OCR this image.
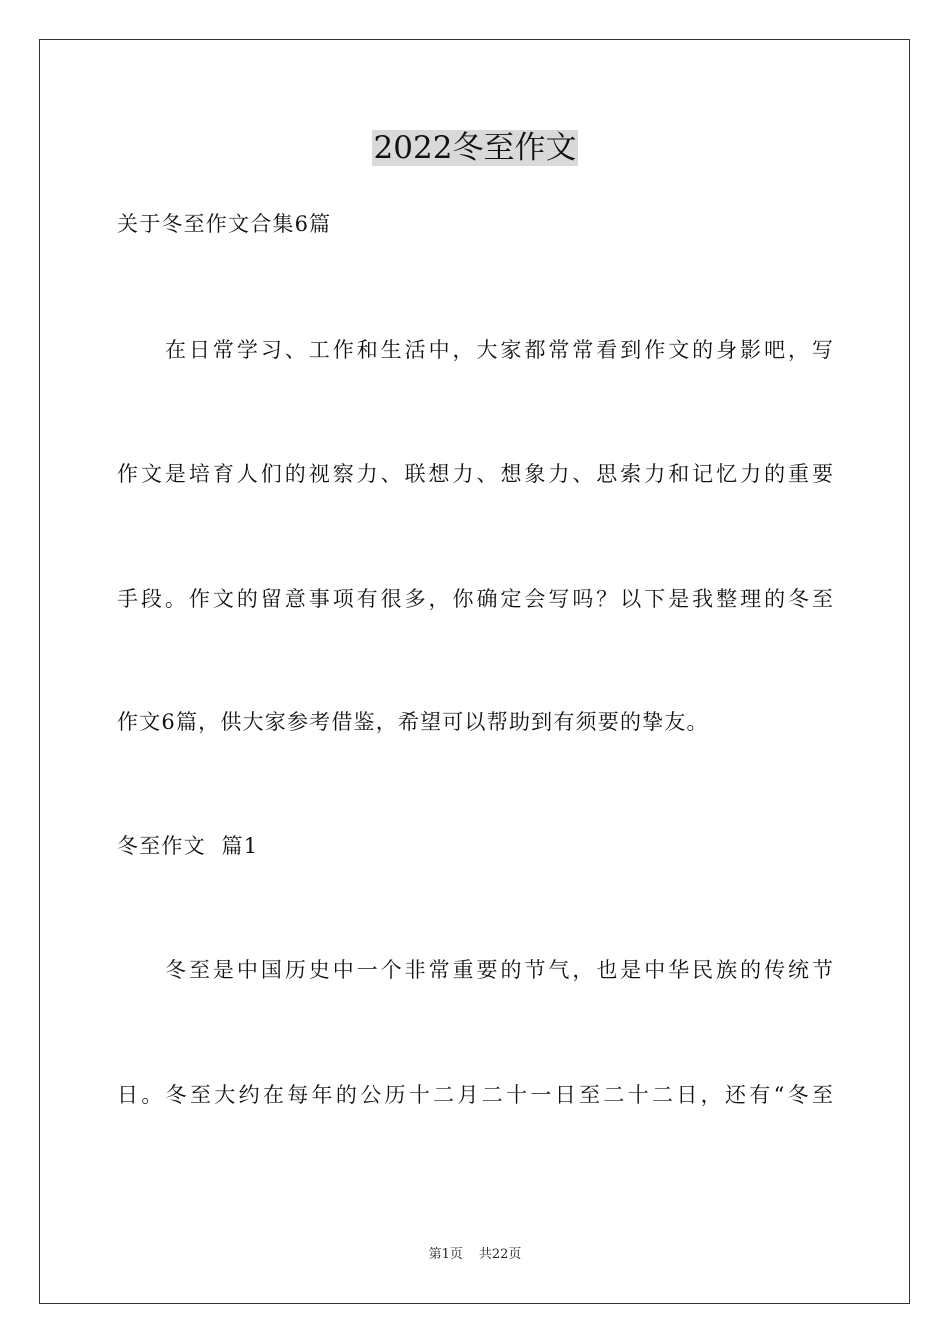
2022冬至作文
关于冬至作文合集6篇
在日常学习、工作和生活中，大家都常常看到作文的身影吧，写
作文是培育人们的视察力、联想力、想象力、思索力和记忆力的重要
手段。作文的留意事项有很多，你确定会写吗？以下是我整理的冬至
作文6篇，供大家参考借鉴，希望可以帮助到有须要的挚友。
冬至作文  篇1
冬至是中国历史中一个非常重要的节气，也是中华民族的传统节
日。冬至大约在每年的公历十二月二十一日至二十二日，还有“冬至
第1页 共22页
